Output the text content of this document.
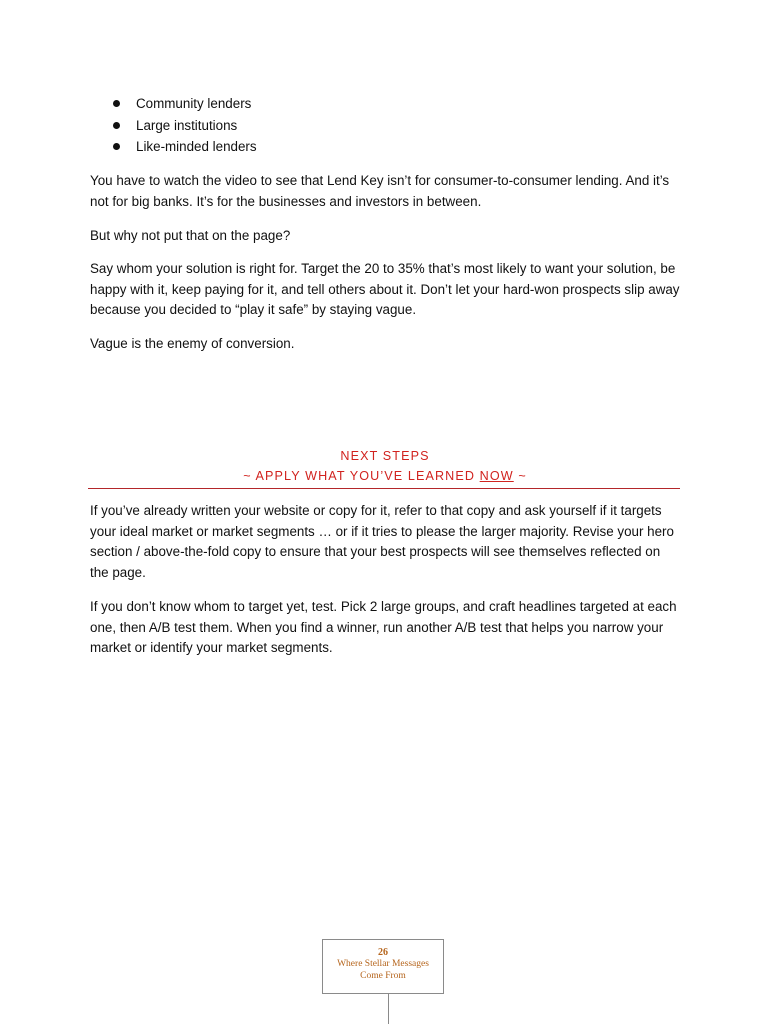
Community lenders
Large institutions
Like-minded lenders
You have to watch the video to see that Lend Key isn’t for consumer-to-consumer lending. And it’s not for big banks. It’s for the businesses and investors in between.
But why not put that on the page?
Say whom your solution is right for. Target the 20 to 35% that’s most likely to want your solution, be happy with it, keep paying for it, and tell others about it. Don’t let your hard-won prospects slip away because you decided to “play it safe” by staying vague.
Vague is the enemy of conversion.
NEXT STEPS
~ APPLY WHAT YOU’VE LEARNED NOW ~
If you’ve already written your website or copy for it, refer to that copy and ask yourself if it targets your ideal market or market segments … or if it tries to please the larger majority. Revise your hero section / above-the-fold copy to ensure that your best prospects will see themselves reflected on the page.
If you don’t know whom to target yet, test. Pick 2 large groups, and craft headlines targeted at each one, then A/B test them. When you find a winner, run another A/B test that helps you narrow your market or identify your market segments.
26
Where Stellar Messages Come From
